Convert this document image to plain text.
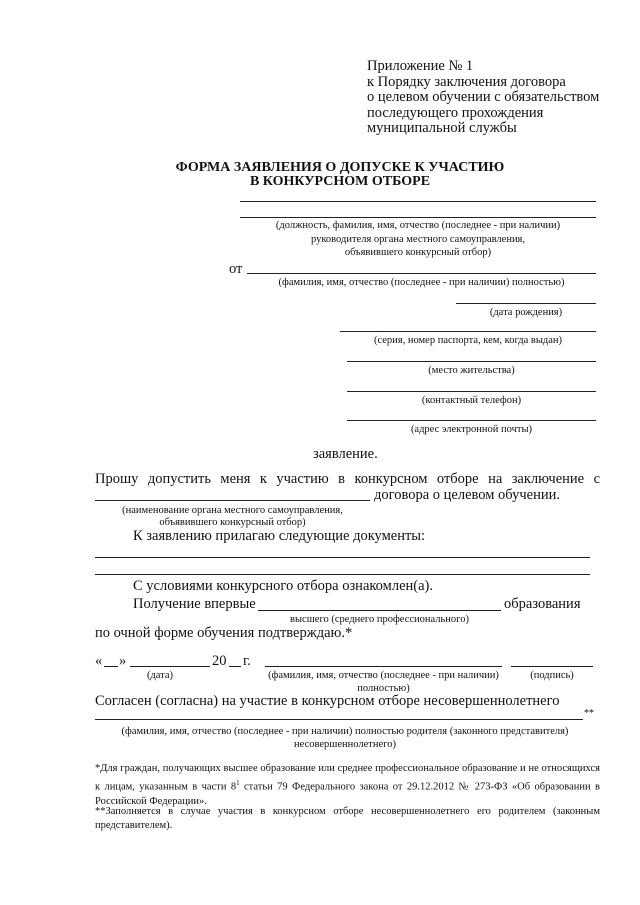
Приложение № 1
к Порядку заключения договора
о целевом обучении с обязательством
последующего прохождения
муниципальной службы
ФОРМА ЗАЯВЛЕНИЯ О ДОПУСКЕ К УЧАСТИЮ
В КОНКУРСНОМ ОТБОРЕ
(должность, фамилия, имя, отчество (последнее - при наличии)
руководителя органа местного самоуправления,
объявившего конкурсный отбор)
от
(фамилия, имя, отчество (последнее - при наличии) полностью)
(дата рождения)
(серия, номер паспорта, кем, когда выдан)
(место жительства)
(контактный телефон)
(адрес электронной почты)
заявление.
Прошу допустить меня к участию в конкурсном отборе на заключение с
договора о целевом обучении.
(наименование органа местного самоуправления,
объявившего конкурсный отбор)
К заявлению прилагаю следующие документы:
С условиями конкурсного отбора ознакомлен(а).
Получение впервые	образования
высшего (среднего профессионального)
по очной форме обучения подтверждаю.*
« »	20 г.
(дата)	(фамилия, имя, отчество (последнее - при наличии)
полностью)
(подпись)
Согласен (согласна) на участие в конкурсном отборе несовершеннолетнего
**
(фамилия, имя, отчество (последнее - при наличии) полностью родителя (законного представителя)
несовершеннолетнего)
*Для граждан, получающих высшее образование или среднее профессиональное образование и не относящихся к лицам, указанным в части $8^1$ статьи 79 Федерального закона от 29.12.2012 № 273-ФЗ «Об образовании в Российской Федерации».
**Заполняется в случае участия в конкурсном отборе несовершеннолетнего его родителем (законным представителем).
